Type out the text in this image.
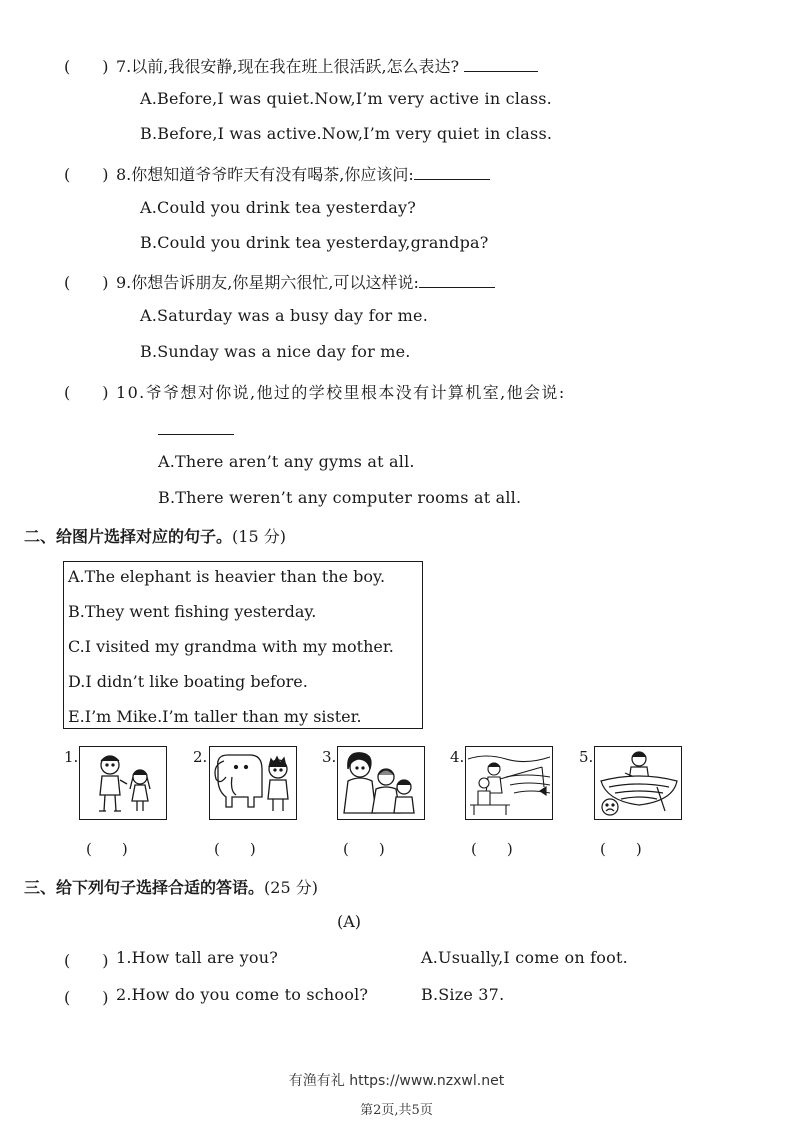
(　　) 7.以前,我很安静,现在我在班上很活跃,怎么表达?
A.Before,I was quiet.Now,I’m very active in class.
B.Before,I was active.Now,I’m very quiet in class.
(　　) 8.你想知道爷爷昨天有没有喝茶,你应该问:
A.Could you drink tea yesterday?
B.Could you drink tea yesterday,grandpa?
(　　) 9.你想告诉朋友,你星期六很忙,可以这样说:
A.Saturday was a busy day for me.
B.Sunday was a nice day for me.
(　　) 10.爷爷想对你说,他过的学校里根本没有计算机室,他会说:
A.There aren’t any gyms at all.
B.There weren’t any computer rooms at all.
二、给图片选择对应的句子。(15 分)
A.The elephant is heavier than the boy.
B.They went fishing yesterday.
C.I visited my grandma with my mother.
D.I didn’t like boating before.
E.I’m Mike.I’m taller than my sister.
1.	2.	3.	4.	5.
(　　)	(　　)	(　　)	(　　)	(　　)
三、给下列句子选择合适的答语。(25 分)
(A)
(　　) 1.How tall are you?	A.Usually,I come on foot.
(　　) 2.How do you come to school?	B.Size 37.
有渔有礼 https://www.nzxwl.net
第2页,共5页
